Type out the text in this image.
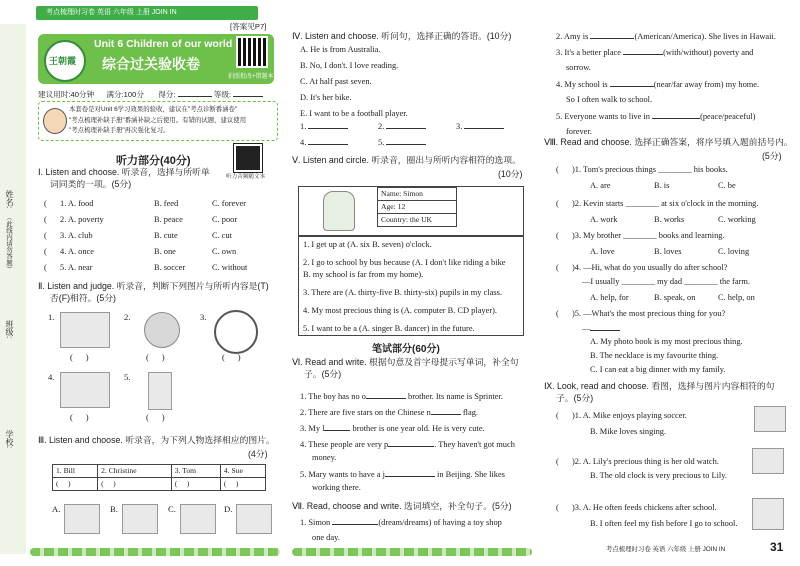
考点梳理时习卷 英语 六年级 上册 JOIN IN
[答案见P7]
王朝霞
Unit 6 Children of our world
综合过关验收卷
拍照批改+错题本
建议用时:40分钟 满分:100分 得分:	等级:
本套卷是对Unit 6学习效果的验收，建议在"考点诊断番涵卷"
"考点梳理补缺手册"番涵补缺之后使用。有错的试题，建议使用
"考点梳理补缺手册"再次强化复习。
姓名:
（此线内请勿答题）
班级:
学校:
听力部分(40分)
听力音频随文本
Ⅰ. Listen and choose. 听录音，选择与所听单
词同类的一项。(5分)
( 1. A. food	B. feed	C. forever
( 2. A. poverty	B. peace	C. poor
( 3. A. club	B. cute	C. cut
( 4. A. once	B. one	C. own
( 5. A. near	B. soccer	C. without
Ⅱ. Listen and judge. 听录音，判断下列图片与所听内容是(T)
否(F)相符。(5分)
1.
(      )
2.
(      )
3.
(      )
4.
(      )
5.
(      )
Ⅲ. Listen and choose. 听录音，为下列人物选择相应的图片。
(4分)
1. Bill	2. Christine	3. Tom	4. Sue
(     )	(     )	(     )	(     )
A.	B.	C.	D.
Ⅳ. Listen and choose. 听问句，选择正确的答语。(10分)
A. He is from Australia.
B. No, I don't. I love reading.
C. At half past seven.
D. It's her bike.
E. I want to be a football player.
1.	2.	3.
4.	5.
Ⅴ. Listen and circle. 听录音，圈出与所听内容相符的选项。
(10分)
Name: Simon
Age: 12
Country: the UK
1. I get up at (A. six B. seven) o'clock.
2. I go to school by bus because (A. I don't like riding a bike
B. my school is far from my home).
3. There are (A. thirty-five B. thirty-six) pupils in my class.
4. My most precious thing is (A. computer B. CD player).
5. I want to be a (A. singer B. dancer) in the future.
笔试部分(60分)
Ⅵ. Read and write. 根据句意及首字母提示写单词，补全句
子。(5分)
1. The boy has no o	brother. Its name is Sprinter.
2. There are five stars on the Chinese n	flag.
3. My l	brother is one year old. He is very cute.
4. These people are very p	. They haven't got much
money.
5. Mary wants to have a j	in Beijing. She likes
working there.
Ⅶ. Read, choose and write. 选词填空，补全句子。(5分)
1. Simon	(dream/dreams) of having a toy shop
one day.
2. Amy is	(American/America). She lives in Hawaii.
3. It's a better place	(with/without) poverty and
sorrow.
4. My school is	(near/far away from) my home.
So I often walk to school.
5. Everyone wants to live in	(peace/peaceful)
forever.
Ⅷ. Read and choose. 选择正确答案，将序号填入题前括号内。
(5分)
( )1. Tom's precious things ________ his books.
A. are	B. is	C. be
( )2. Kevin starts ________ at six o'clock in the morning.
A. work	B. works	C. working
( )3. My brother ________ books and learning.
A. love	B. loves	C. loving
( )4. —Hi, what do you usually do after school?
—I usually ________ my dad ________ the farm.
A. help, for	B. speak, on	C. help, on
( )5. —What's the most precious thing for you?
—
A. My photo book is my most precious thing.
B. The necklace is my favourite thing.
C. I can eat a big dinner with my family.
Ⅸ. Look, read and choose. 看图，选择与图片内容相符的句
子。(5分)
( )1. A. Mike enjoys playing soccer.
B. Mike loves singing.
( )2. A. Lily's precious thing is her old watch.
B. The old clock is very precious to Lily.
( )3. A. He often feeds chickens after school.
B. I often feel my fish before I go to school.
考点梳理时习卷 英语 六年级 上册 JOIN IN	31
